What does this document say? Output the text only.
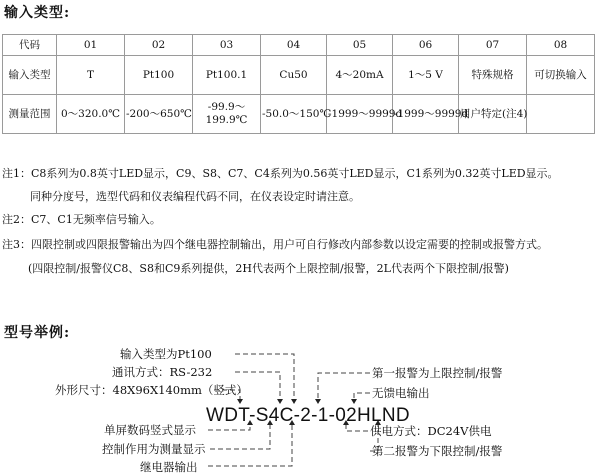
输入类型:
代码	01	02	03	04	05	06	07	08
输入类型	T	Pt100	Pt100.1	Cu50	4～20mA	1～5 V	特殊规格	可切换输入
测量范围	0～320.0℃	-200～650℃	-99.9～
199.9℃	-50.0～150℃	-1999～9999d	-1999～9999d	用户特定(注4)	
注1：C8系列为0.8英寸LED显示，C9、S8、C7、C4系列为0.56英寸LED显示，C1系列为0.32英寸LED显示。
同种分度号，选型代码和仪表编程代码不同，在仪表设定时请注意。
注2：C7、C1无频率信号输入。
注3：四限控制或四限报警输出为四个继电器控制输出，用户可自行修改内部参数以设定需要的控制或报警方式。
(四限控制/报警仪C8、S8和C9系列提供，2H代表两个上限控制/报警，2L代表两个下限控制/报警)
型号举例:
输入类型为Pt100
通讯方式：RS-232
外形尺寸：48X96X140mm（竖式）
WDT-S4C-2-1-02HLND
单屏数码竖式显示
控制作用为测量显示
继电器输出
第一报警为上限控制/报警
无馈电输出
供电方式：DC24V供电
第二报警为下限控制/报警
